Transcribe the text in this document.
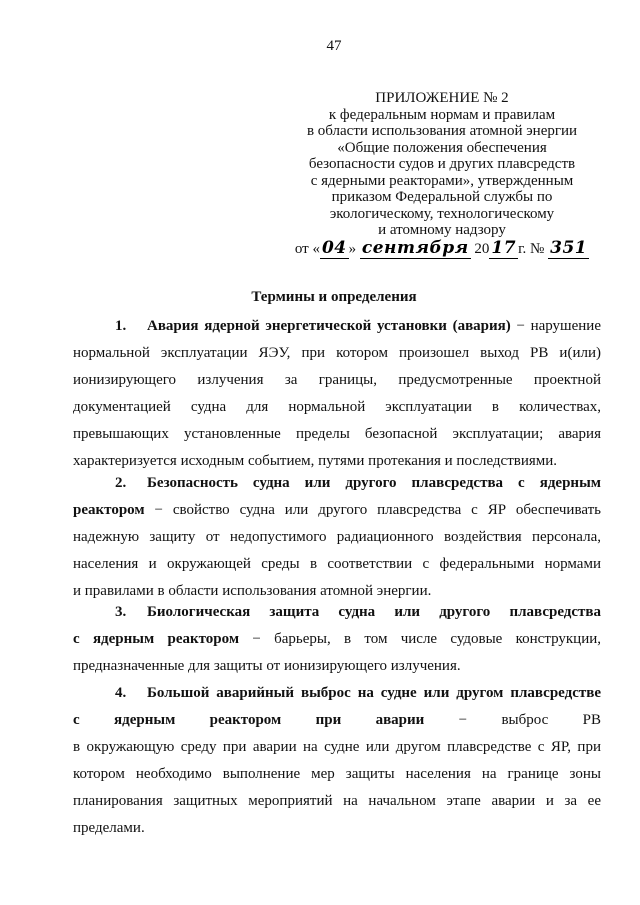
47
ПРИЛОЖЕНИЕ № 2
к федеральным нормам и правилам
в области использования атомной энергии
«Общие положения обеспечения
безопасности судов и других плавсредств
с ядерными реакторами», утвержденным
приказом Федеральной службы по
экологическому, технологическому
и атомному надзору
от « 04 » сентября 20 17 г. № 351
Термины и определения
1. Авария ядерной энергетической установки (авария) − нарушение
нормальной эксплуатации ЯЭУ, при котором произошел выход РВ и(или)
ионизирующего излучения за границы, предусмотренные проектной
документацией судна для нормальной эксплуатации в количествах,
превышающих установленные пределы безопасной эксплуатации; авария
характеризуется исходным событием, путями протекания и последствиями.
2. Безопасность судна или другого плавсредства с ядерным
реактором − свойство судна или другого плавсредства с ЯР обеспечивать
надежную защиту от недопустимого радиационного воздействия персонала,
населения и окружающей среды в соответствии с федеральными нормами
и правилами в области использования атомной энергии.
3. Биологическая защита судна или другого плавсредства
с ядерным реактором − барьеры, в том числе судовые конструкции,
предназначенные для защиты от ионизирующего излучения.
4. Большой аварийный выброс на судне или другом плавсредстве
с ядерным реактором при аварии − выброс РВ
в окружающую среду при аварии на судне или другом плавсредстве с ЯР, при
котором необходимо выполнение мер защиты населения на границе зоны
планирования защитных мероприятий на начальном этапе аварии и за ее
пределами.
